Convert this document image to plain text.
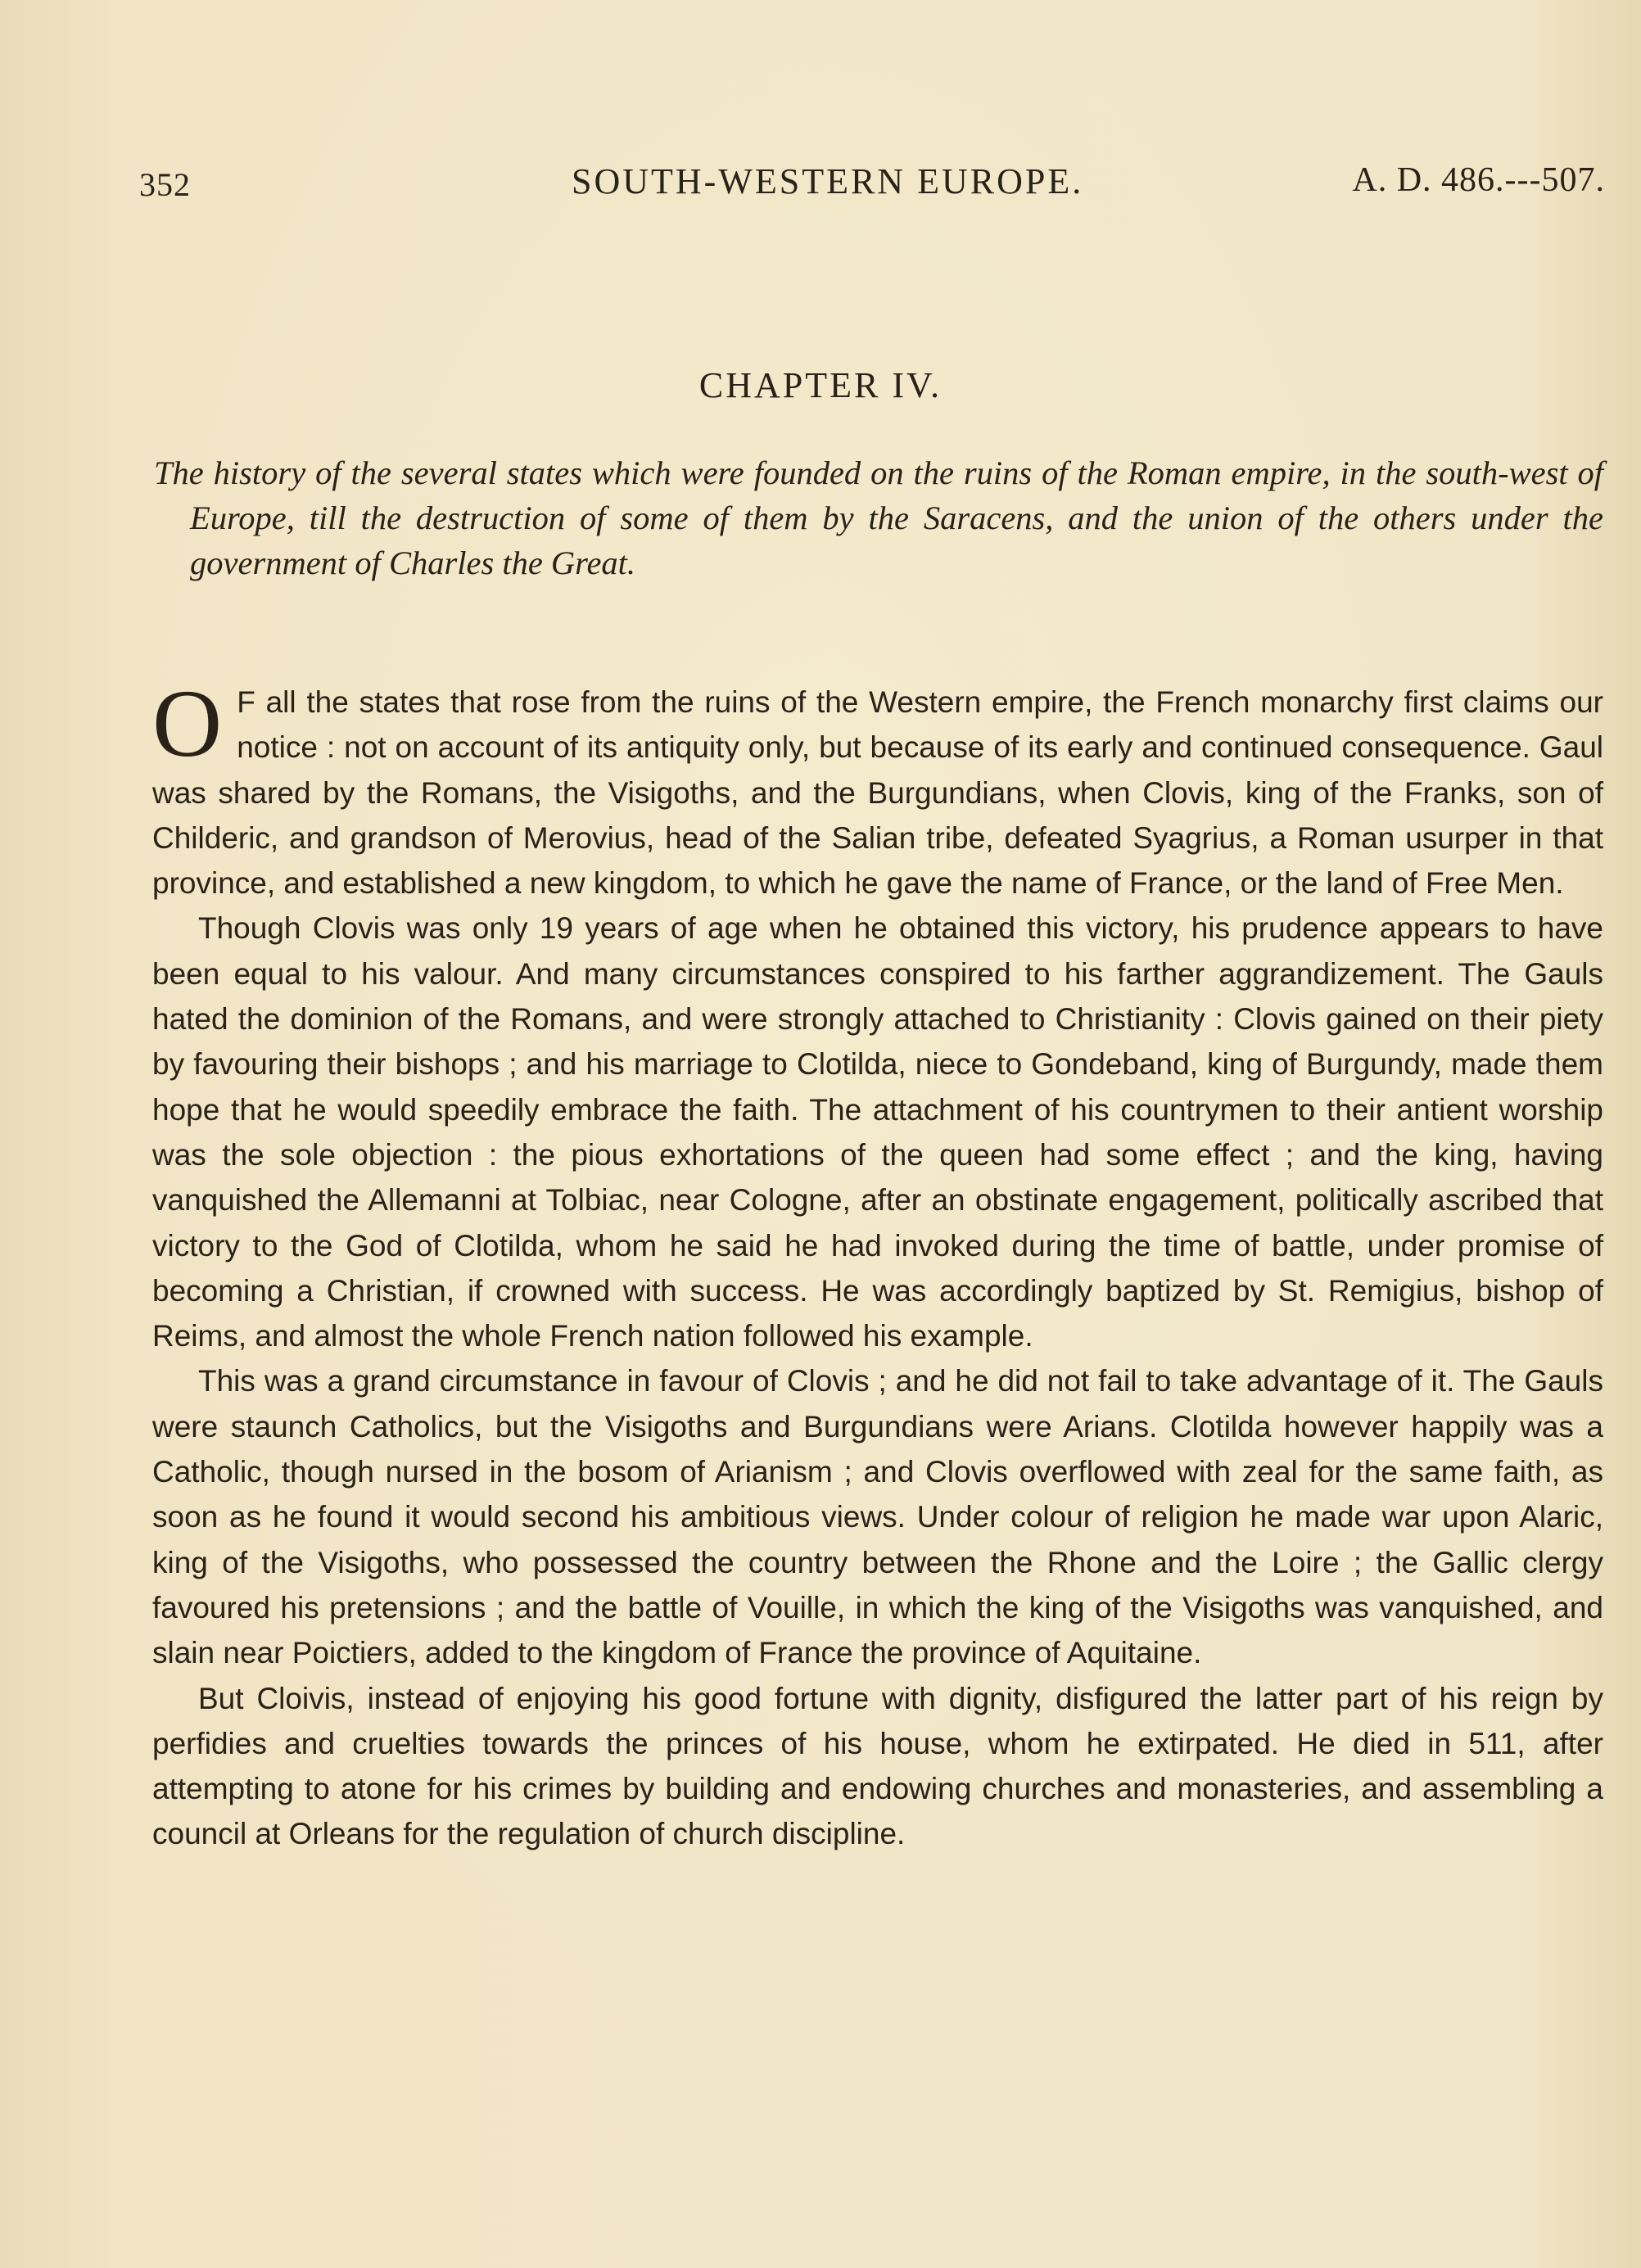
352	SOUTH-WESTERN EUROPE.	A. D. 486.---507.
CHAPTER IV.
The history of the several states which were founded on the ruins of the Roman empire, in the south-west of Europe, till the destruction of some of them by the Saracens, and the union of the others under the government of Charles the Great.

O F all the states that rose from the ruins of the Western empire, the French monarchy first claims our notice : not on account of its antiquity only, but because of its early and continued consequence. Gaul was shared by the Romans, the Visigoths, and the Burgundians, when Clovis, king of the Franks, son of Childeric, and grandson of Merovius, head of the Salian tribe, defeated Syagrius, a Roman usurper in that province, and established a new kingdom, to which he gave the name of France, or the land of Free Men.

Though Clovis was only 19 years of age when he obtained this victory, his prudence appears to have been equal to his valour. And many circumstances conspired to his farther aggrandizement. The Gauls hated the dominion of the Romans, and were strongly attached to Christianity : Clovis gained on their piety by favouring their bishops ; and his marriage to Clotilda, niece to Gondeband, king of Burgundy, made them hope that he would speedily embrace the faith. The attachment of his countrymen to their antient worship was the sole objection : the pious exhortations of the queen had some effect ; and the king, having vanquished the Allemanni at Tolbiac, near Cologne, after an obstinate engagement, politically ascribed that victory to the God of Clotilda, whom he said he had invoked during the time of battle, under promise of becoming a Christian, if crowned with success. He was accordingly baptized by St. Remigius, bishop of Reims, and almost the whole French nation followed his example.

This was a grand circumstance in favour of Clovis ; and he did not fail to take advantage of it. The Gauls were staunch Catholics, but the Visigoths and Burgundians were Arians. Clotilda however happily was a Catholic, though nursed in the bosom of Arianism ; and Clovis overflowed with zeal for the same faith, as soon as he found it would second his ambitious views. Under colour of religion he made war upon Alaric, king of the Visigoths, who possessed the country between the Rhone and the Loire ; the Gallic clergy favoured his pretensions ; and the battle of Vouille, in which the king of the Visigoths was vanquished, and slain near Poictiers, added to the kingdom of France the province of Aquitaine.

But Cloivis, instead of enjoying his good fortune with dignity, disfigured the latter part of his reign by perfidies and cruelties towards the princes of his house, whom he extirpated. He died in 511, after attempting to atone for his crimes by building and endowing churches and monasteries, and assembling a council at Orleans for the regulation of church discipline.
